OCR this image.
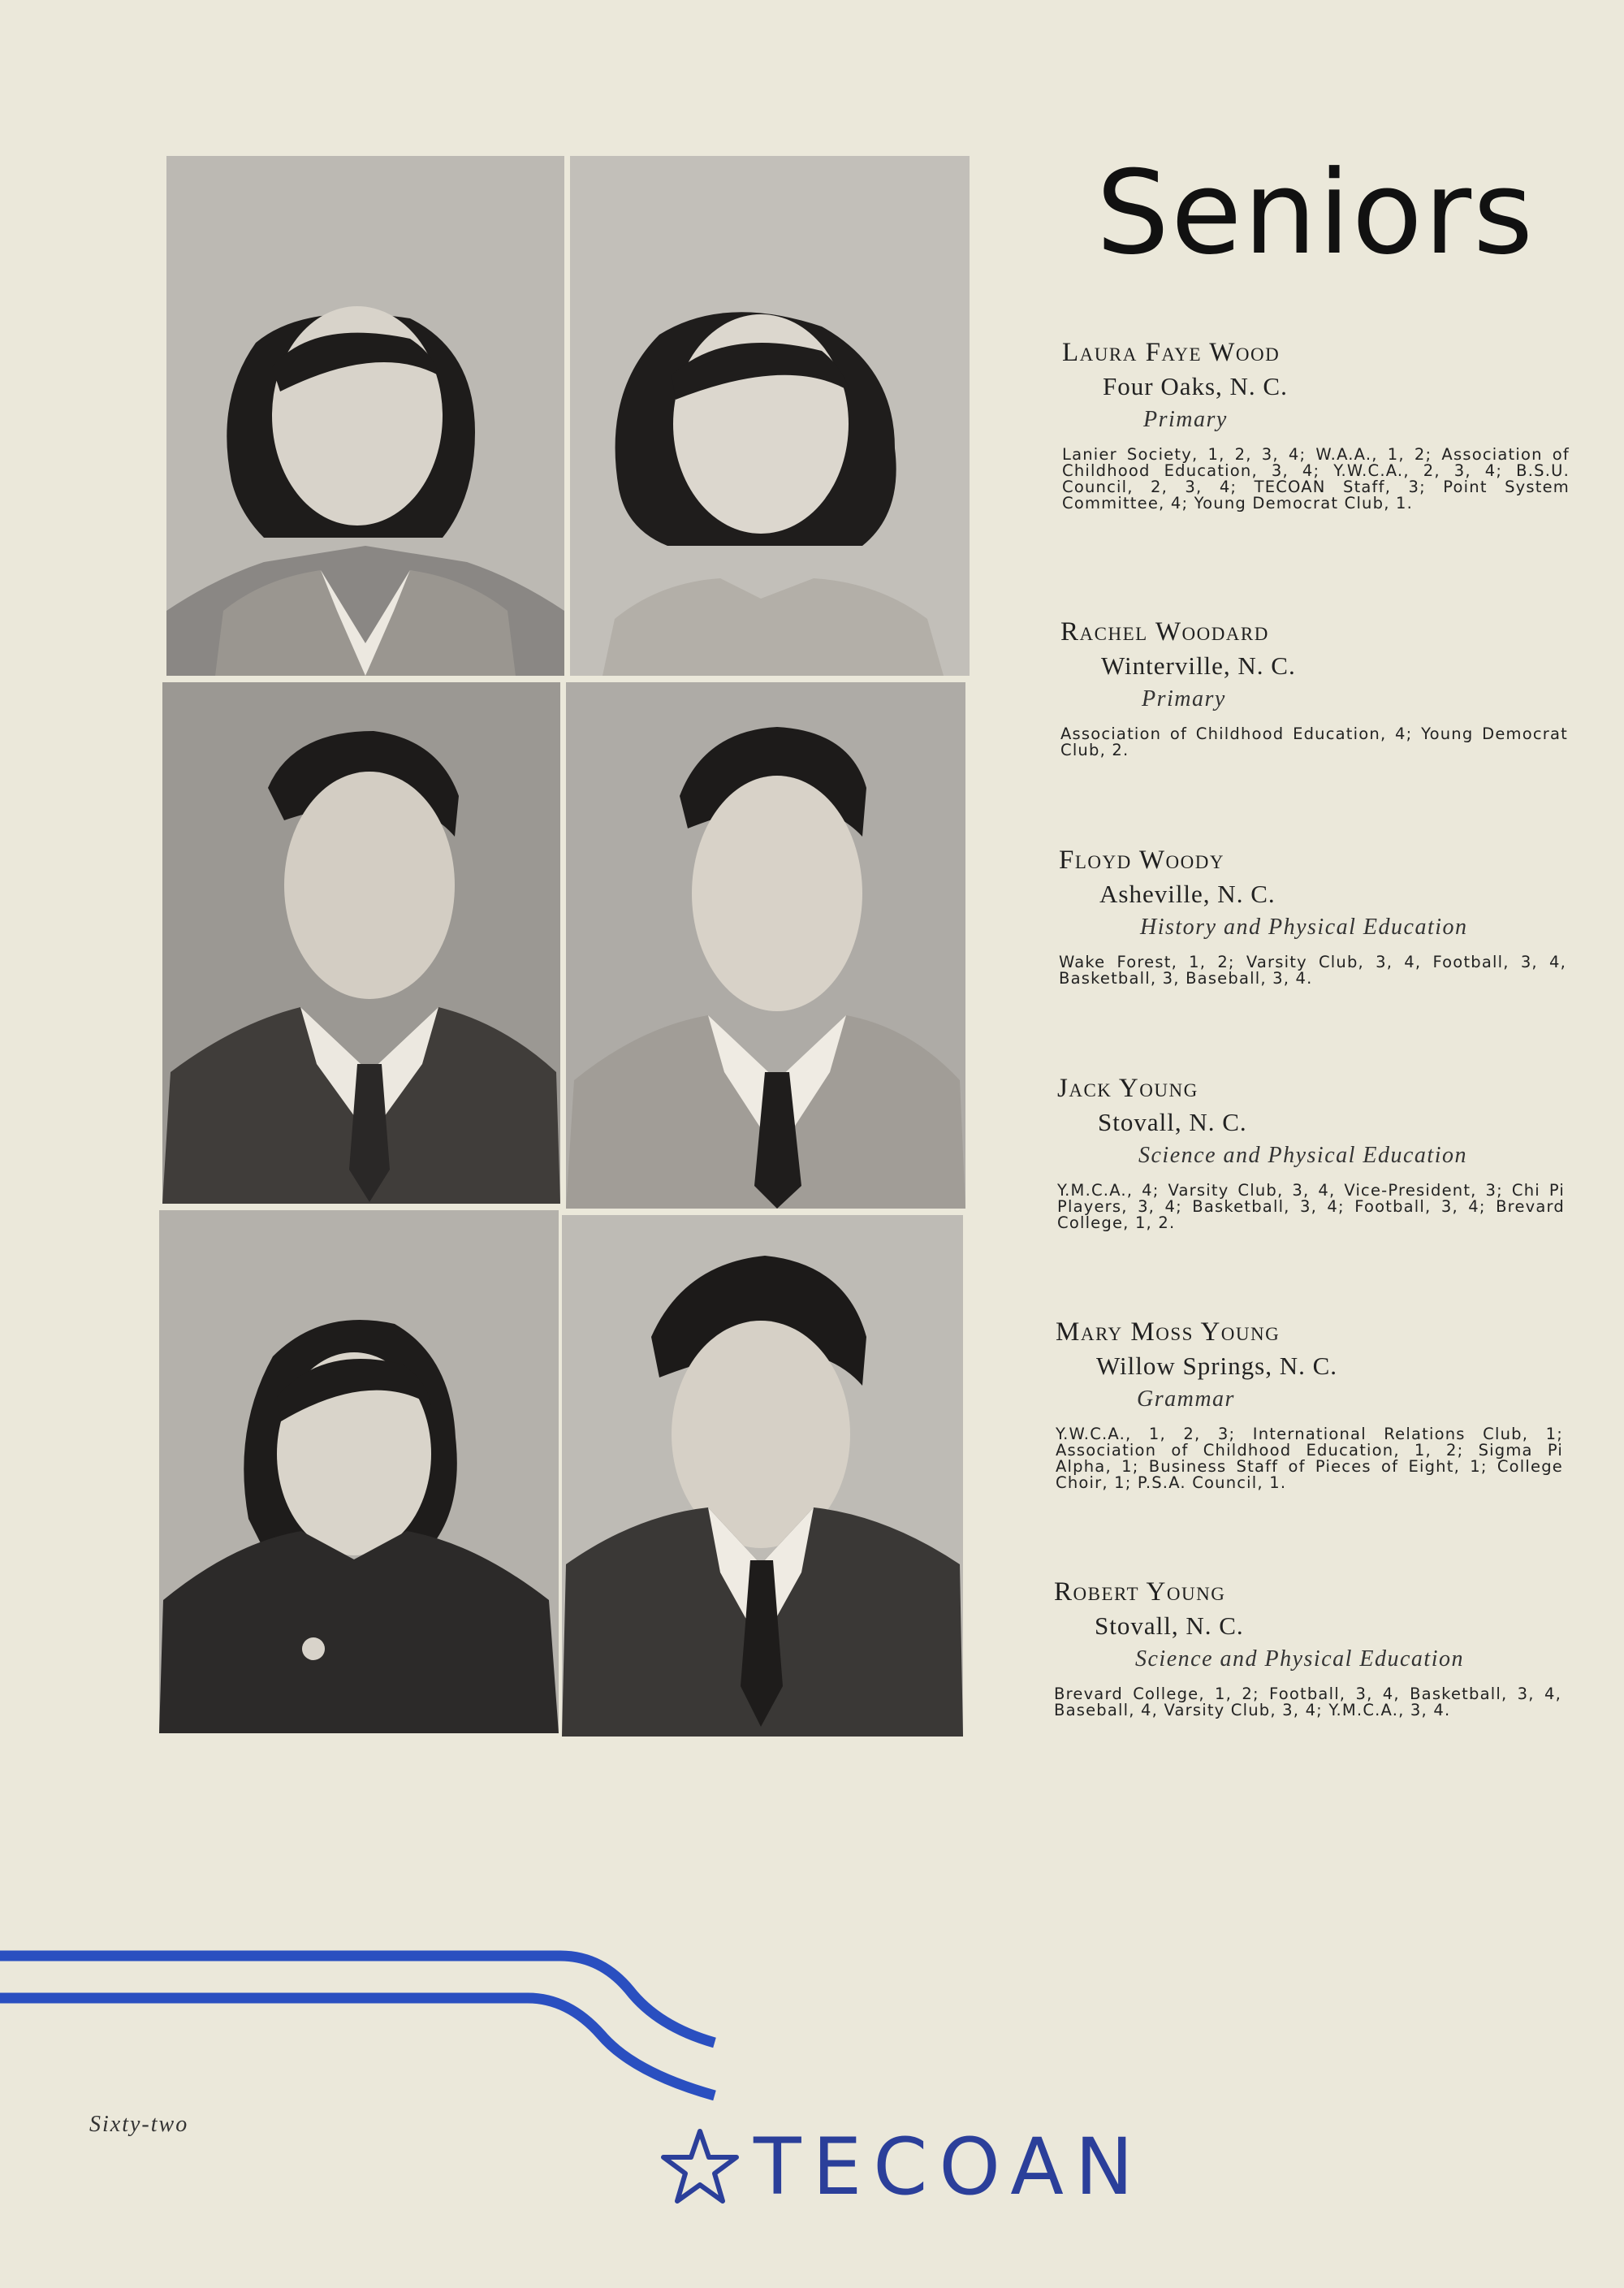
Seniors
Laura Faye Wood
Four Oaks, N. C.
Primary
Lanier Society, 1, 2, 3, 4; W.A.A., 1, 2; Association of Childhood Education, 3, 4; Y.W.C.A., 2, 3, 4; B.S.U. Council, 2, 3, 4; TECOAN Staff, 3; Point System Committee, 4; Young Democrat Club, 1.
Rachel Woodard
Winterville, N. C.
Primary
Association of Childhood Education, 4; Young Democrat Club, 2.
Floyd Woody
Asheville, N. C.
History and Physical Education
Wake Forest, 1, 2; Varsity Club, 3, 4, Football, 3, 4, Basketball, 3, Baseball, 3, 4.
Jack Young
Stovall, N. C.
Science and Physical Education
Y.M.C.A., 4; Varsity Club, 3, 4, Vice-President, 3; Chi Pi Players, 3, 4; Basketball, 3, 4; Football, 3, 4; Brevard College, 1, 2.
Mary Moss Young
Willow Springs, N. C.
Grammar
Y.W.C.A., 1, 2, 3; International Relations Club, 1; Association of Childhood Education, 1, 2; Sigma Pi Alpha, 1; Business Staff of Pieces of Eight, 1; College Choir, 1; P.S.A. Council, 1.
Robert Young
Stovall, N. C.
Science and Physical Education
Brevard College, 1, 2; Football, 3, 4, Basketball, 3, 4, Baseball, 4, Varsity Club, 3, 4; Y.M.C.A., 3, 4.
Sixty-two	TECOAN
